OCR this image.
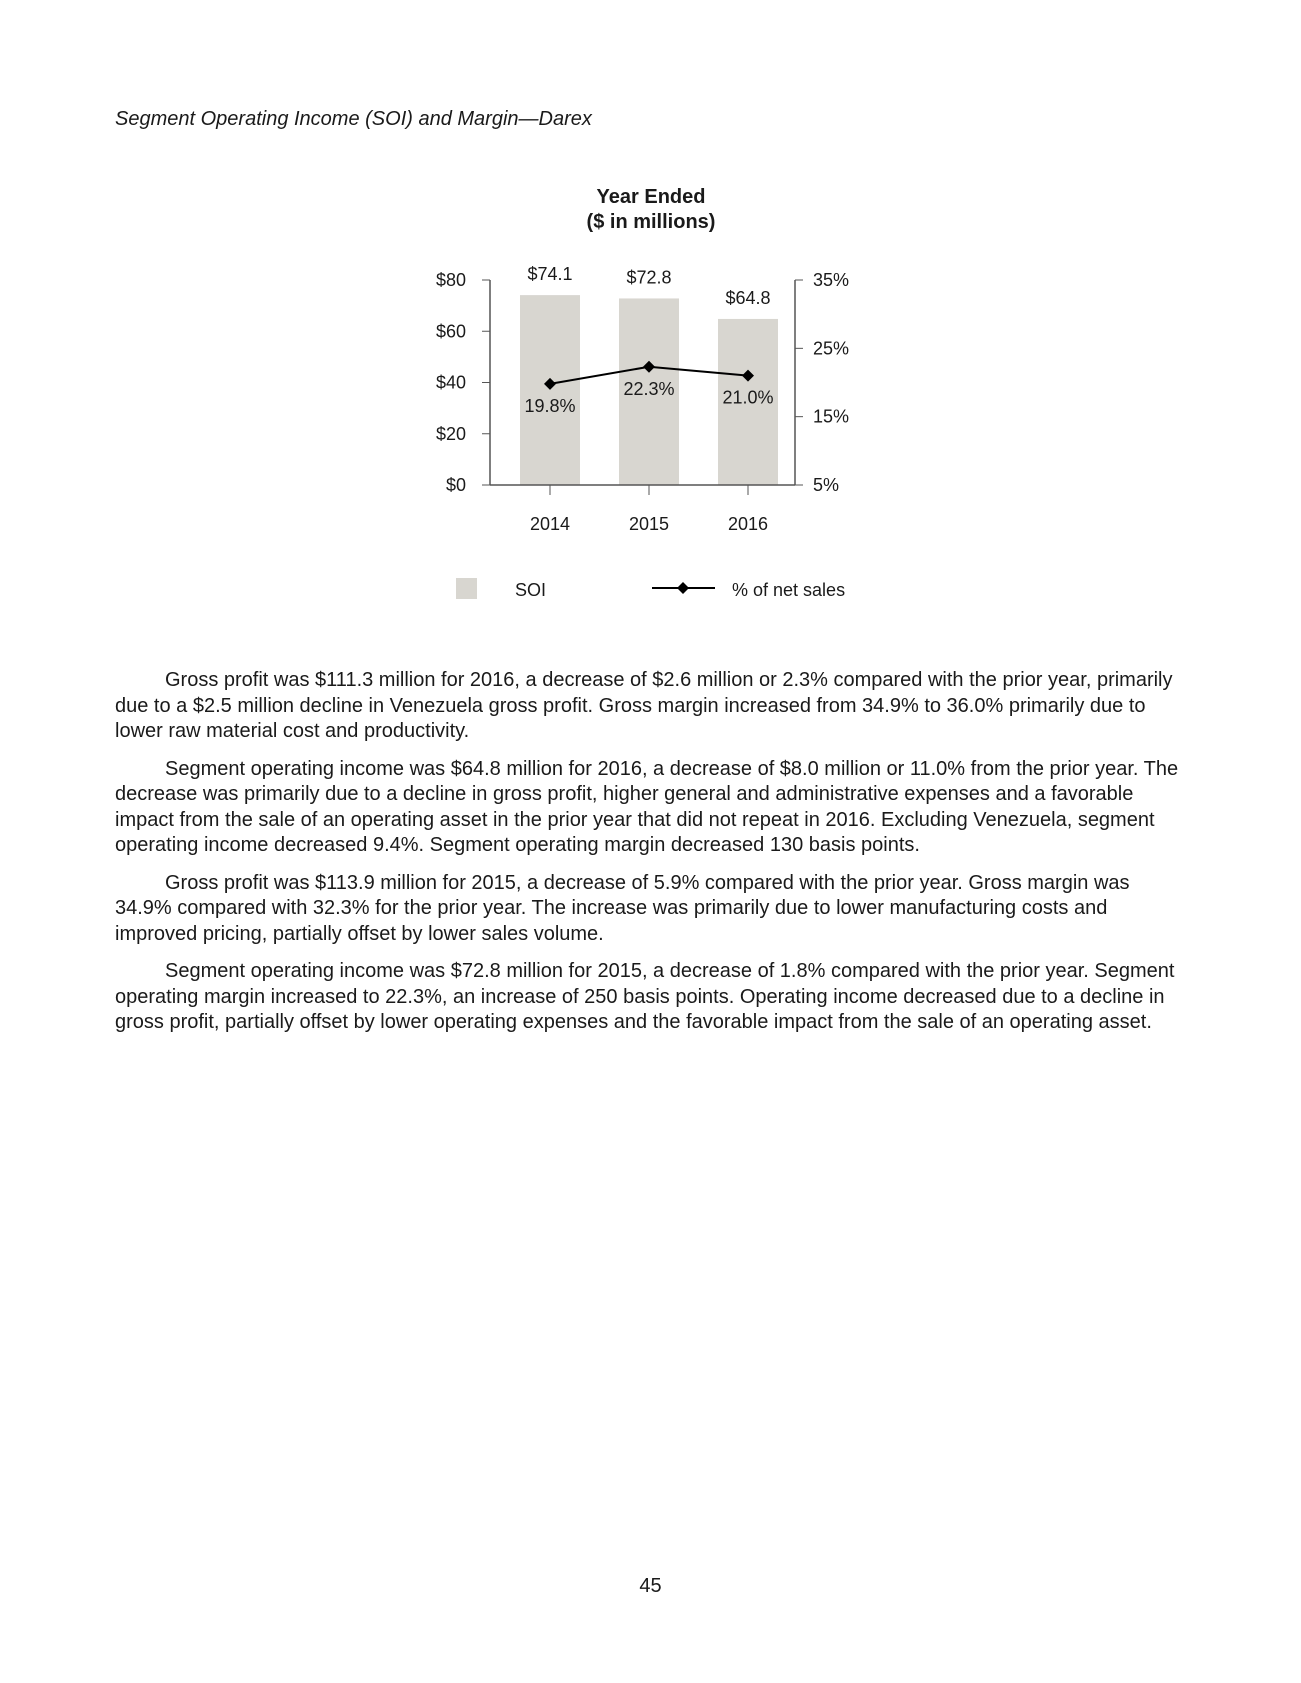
Segment Operating Income (SOI) and Margin—Darex
Year Ended
($ in millions)
$0
$20
$40
$60
$80
5%
15%
25%
35%
2014	2015	2016
$74.1	$72.8
$64.8
19.8%
22.3%	21.0%
SOI	% of net sales

Gross profit was $111.3 million for 2016, a decrease of $2.6 million or 2.3% compared with the prior year, primarily due to a $2.5 million decline in Venezuela gross profit. Gross margin increased from 34.9% to 36.0% primarily due to lower raw material cost and productivity.

Segment operating income was $64.8 million for 2016, a decrease of $8.0 million or 11.0% from the prior year. The decrease was primarily due to a decline in gross profit, higher general and administrative expenses and a favorable impact from the sale of an operating asset in the prior year that did not repeat in 2016. Excluding Venezuela, segment operating income decreased 9.4%. Segment operating margin decreased 130 basis points.

Gross profit was $113.9 million for 2015, a decrease of 5.9% compared with the prior year. Gross margin was 34.9% compared with 32.3% for the prior year. The increase was primarily due to lower manufacturing costs and improved pricing, partially offset by lower sales volume.

Segment operating income was $72.8 million for 2015, a decrease of 1.8% compared with the prior year. Segment operating margin increased to 22.3%, an increase of 250 basis points. Operating income decreased due to a decline in gross profit, partially offset by lower operating expenses and the favorable impact from the sale of an operating asset.

45
